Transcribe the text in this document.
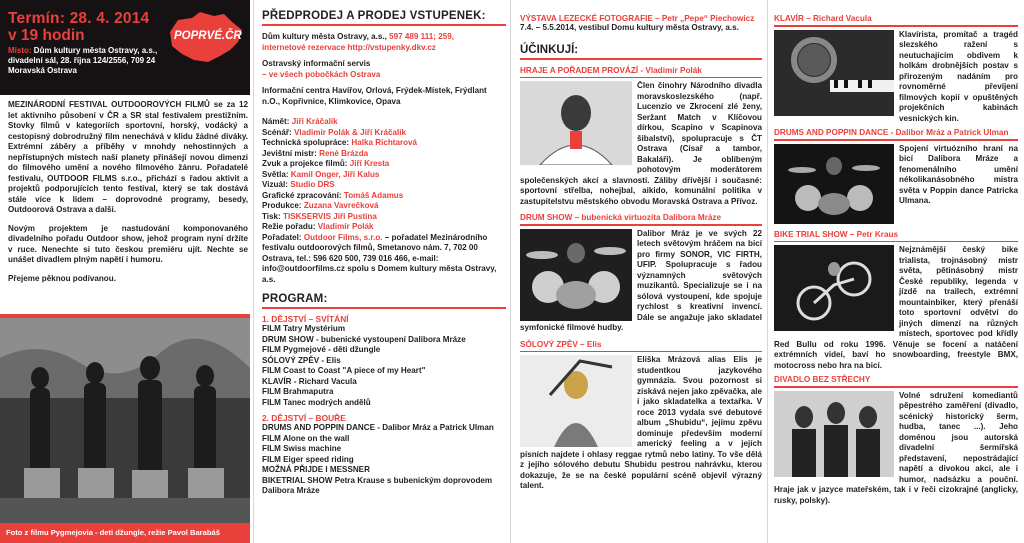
Termín: 28. 4. 2014
v 19 hodin
Místo: Dům kultury města Ostravy, a.s., divadelní sál, 28. října 124/2556, 709 24 Moravská Ostrava
POPRVÉ.ČR

MEZINÁRODNÍ FESTIVAL OUTDOOROVÝCH FILMŮ se za 12 let aktivního působení v ČR a SR stal festivalem prestižním. Stovky filmů v kategoriích sportovní, horský, vodácký a cestopisný dobrodružný film nenechává v klidu žádné diváky. Extrémní záběry a příběhy v mnohdy nehostinných a nepřístupných místech naší planety přinášejí novou dimenzi do filmového umění a nového filmového žánru. Pořadatelé festivalu, OUTDOOR FILMS s.r.o., přichází s řadou aktivit a projektů podporujících tento festival, který se tak dostává stále více k lidem – doprovodné programy, besedy, Outdoorová Ostrava a další.

Novým projektem je nastudování komponovaného divadelního pořadu Outdoor show, jehož program nyní držíte v ruce. Nenechte si tuto českou premiéru ujít. Nechte se unášet divadlem plným napětí i humoru.

Přejeme pěknou podívanou.

Foto z filmu Pygmejovia - deti džungle, režie Pavol Barabáš
PŘEDPRODEJ A PRODEJ VSTUPENEK:
Dům kultury města Ostravy, a.s., 597 489 111; 259,
internetové rezervace http://vstupenky.dkv.cz
Ostravský informační servis
– ve všech pobočkách Ostrava
Informační centra Havířov, Orlová, Frýdek-Místek, Frýdlant n.O., Kopřivnice, Klimkovice, Opava
Námět: Jiří Kráčalík
Scénář: Vladimír Polák & Jiří Kráčalík
Technická spolupráce: Halka Richtarová
Jevištní mistr: René Brázda
Zvuk a projekce filmů: Jiří Kresta
Světla: Kamil Onger, Jiří Kalus
Vizuál: Studio DRS
Grafické zpracování: Tomáš Adamus
Produkce: Zuzana Vavrečková
Tisk: TISKSERVIS Jiří Pustina
Režie pořadu: Vladimír Polák
Pořadatel: Outdoor Films, s.r.o. – pořadatel Mezinárodního festivalu outdoorových filmů, Smetanovo nám. 7, 702 00 Ostrava, tel.: 596 620 500, 739 016 466, e-mail: info@outdoorfilms.cz spolu s Domem kultury města Ostravy, a.s.
PROGRAM:
1. DĚJSTVÍ – SVÍTÁNÍ
FILM Tatry Mystérium
DRUM SHOW - bubenické vystoupení Daliborа Mráze
FILM Pygmejové - děti džungle
SÓLOVÝ ZPĚV - Elis
FILM Coast to Coast "A piece of my Heart"
KLAVÍR - Richard Vacula
FILM Brahmaputra
FILM Tanec modrých andělů
2. DĚJSTVÍ – BOUŘE
DRUMS AND POPPIN DANCE - Dalibor Mráz a Patrick Ulman
FILM Alone on the wall
FILM Swiss machine
FILM Eiger speed riding
MOŽNÁ PŘIJDE I MESSNER
BIKETRIAL SHOW Petra Krause s bubenickým doprovodem Dalibora Mráze
VÝSTAVA LEZECKÉ FOTOGRAFIE – Petr „Pepe“ Piechowicz
7.4. – 5.5.2014, vestibul Domu kultury města Ostravy, a.s.
ÚČINKUJÍ:
HRAJE A POŘADEM PROVÁZÍ - Vladimír Polák
Člen činohry Národního divadla moravskoslezského (např. Lucenzio ve Zkrocení zlé ženy, Seržant Match v Klíčovou dírkou, Scapino v Scapinova šibalství), spolupracuje s ČT Ostrava (Císař a tambor, Bakaláři). Je oblíbeným pohotovým moderátorem společenských akcí a slavností. Záliby dřívější i současné: sportovní střelba, nohejbal, aikido, komunální politika v zastupitelstvu městského obvodu Moravská Ostrava a Přívoz.
DRUM SHOW – bubenická virtuozita Dalibora Mráze
Dalibor Mráz je ve svých 22 letech světovým hráčem na bicí pro firmy SONOR, VIC FIRTH, UFIP. Spolupracuje s řadou významných světových muzikantů. Specializuje se i na sólová vystoupení, kde spojuje rychlost s kreativní invencí. Dále se angažuje jako skladatel symfonické filmové hudby.
SÓLOVÝ ZPĚV – Elis
Eliška Mrázová alias Elis je studentkou jazykového gymnázia. Svou pozornost si získává nejen jako zpěvačka, ale i jako skladatelka a textařka. V roce 2013 vydala své debutové album „Shubidu“, jejímu zpěvu dominuje především moderní americký feeling a v jejích písních najdete i ohlasy reggae rytmů nebo latiny. To vše dělá z jejího sólového debutu Shubidu pestrou nahrávku, kterou dokazuje, že se na české populární scéně objevil výrazný talent.
KLAVÍR – Richard Vacula
Klavírista, promítač a tragéd slezského ražení s neutuchajícím obdivem k holkám drobnějších postav s přirozeným nadáním pro rovnoměrné převíjení filmových kopií v opuštěných projekčních kabinách vesnických kin.
DRUMS AND POPPIN DANCE - Dalibor Mráz a Patrick Ulman
Spojení virtuózního hraní na bicí Dalibora Mráze a fenomenálního umění nékolikanásobného mistra světa v Poppin dance Patricka Ulmana.
BIKE TRIAL SHOW – Petr Kraus
Nejznámější český bike trialista, trojnásobný mistr světa, pětinásobný mistr České republiky, legenda v jízdě na trailech, extrémní mountainbiker, který přenáší toto sportovní odvětví do jiných dimenzí na různých místech, sportovec pod křídly Red Bullu od roku 1996. Věnuje se focení a natáčení extrémních videí, baví ho snowboarding, freestyle BMX, motocross nebo hra na bicí.
DIVADLO BEZ STŘECHY
Volné sdružení komediantů pěpestrého zaměření (divadlo, scénický historický šerm, hudba, tanec ...). Jeho doménou jsou autorská divadelní šermířská představení, nepostrádající napětí a divokou akci, ale i humor, nadsázku a pouční. Hraje jak v jazyce mateřském, tak i v řeči cizokrajné (anglicky, rusky, polsky).
